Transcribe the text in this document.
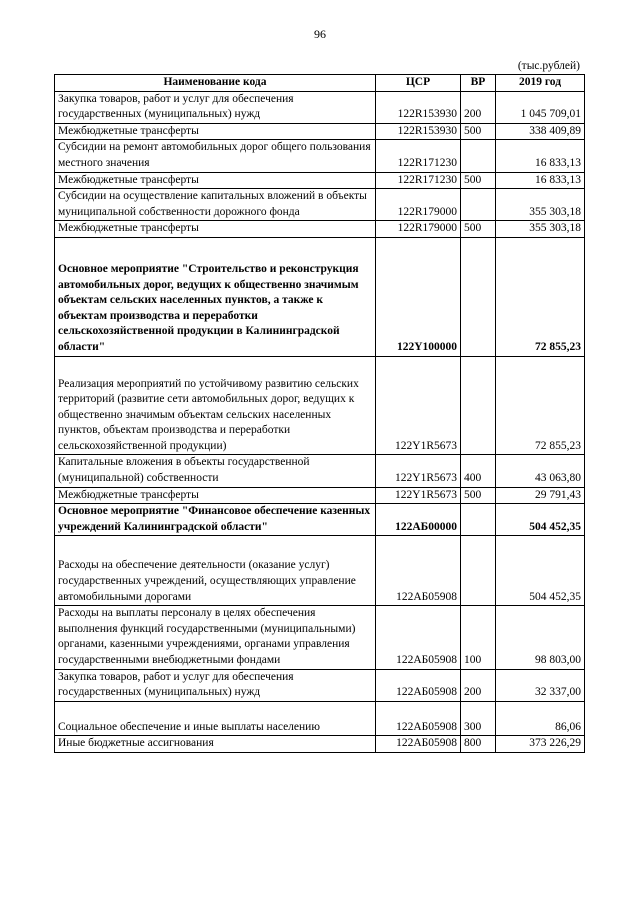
96
(тыс.рублей)
Наименование кода	ЦСР	ВР	2019 год
Закупка товаров, работ и услуг для обеспечения государственных (муниципальных) нужд	122R153930	200	1 045 709,01
Межбюджетные трансферты	122R153930	500	338 409,89
Субсидии на ремонт автомобильных дорог общего пользования местного значения	122R171230		16 833,13
Межбюджетные трансферты	122R171230	500	16 833,13
Субсидии на осуществление капитальных вложений в объекты муниципальной собственности дорожного фонда	122R179000		355 303,18
Межбюджетные трансферты	122R179000	500	355 303,18
Основное мероприятие "Строительство и реконструкция автомобильных дорог, ведущих к общественно значимым объектам сельских населенных пунктов, а также к объектам производства и переработки сельскохозяйственной продукции в Калининградской области"	122Y100000		72 855,23
Реализация мероприятий по устойчивому развитию сельских территорий (развитие сети автомобильных дорог, ведущих к общественно значимым объектам сельских населенных пунктов, объектам производства и переработки сельскохозяйственной продукции)	122Y1R5673		72 855,23
Капитальные вложения в объекты государственной (муниципальной) собственности	122Y1R5673	400	43 063,80
Межбюджетные трансферты	122Y1R5673	500	29 791,43
Основное мероприятие "Финансовое обеспечение казенных учреждений Калининградской области"	122АБ00000		504 452,35
Расходы на обеспечение деятельности (оказание услуг) государственных учреждений, осуществляющих управление автомобильными дорогами	122АБ05908		504 452,35
Расходы на выплаты персоналу в целях обеспечения выполнения функций государственными (муниципальными) органами, казенными учреждениями, органами управления государственными внебюджетными фондами	122АБ05908	100	98 803,00
Закупка товаров, работ и услуг для обеспечения государственных (муниципальных) нужд	122АБ05908	200	32 337,00
Социальное обеспечение и иные выплаты населению	122АБ05908	300	86,06
Иные бюджетные ассигнования	122АБ05908	800	373 226,29
